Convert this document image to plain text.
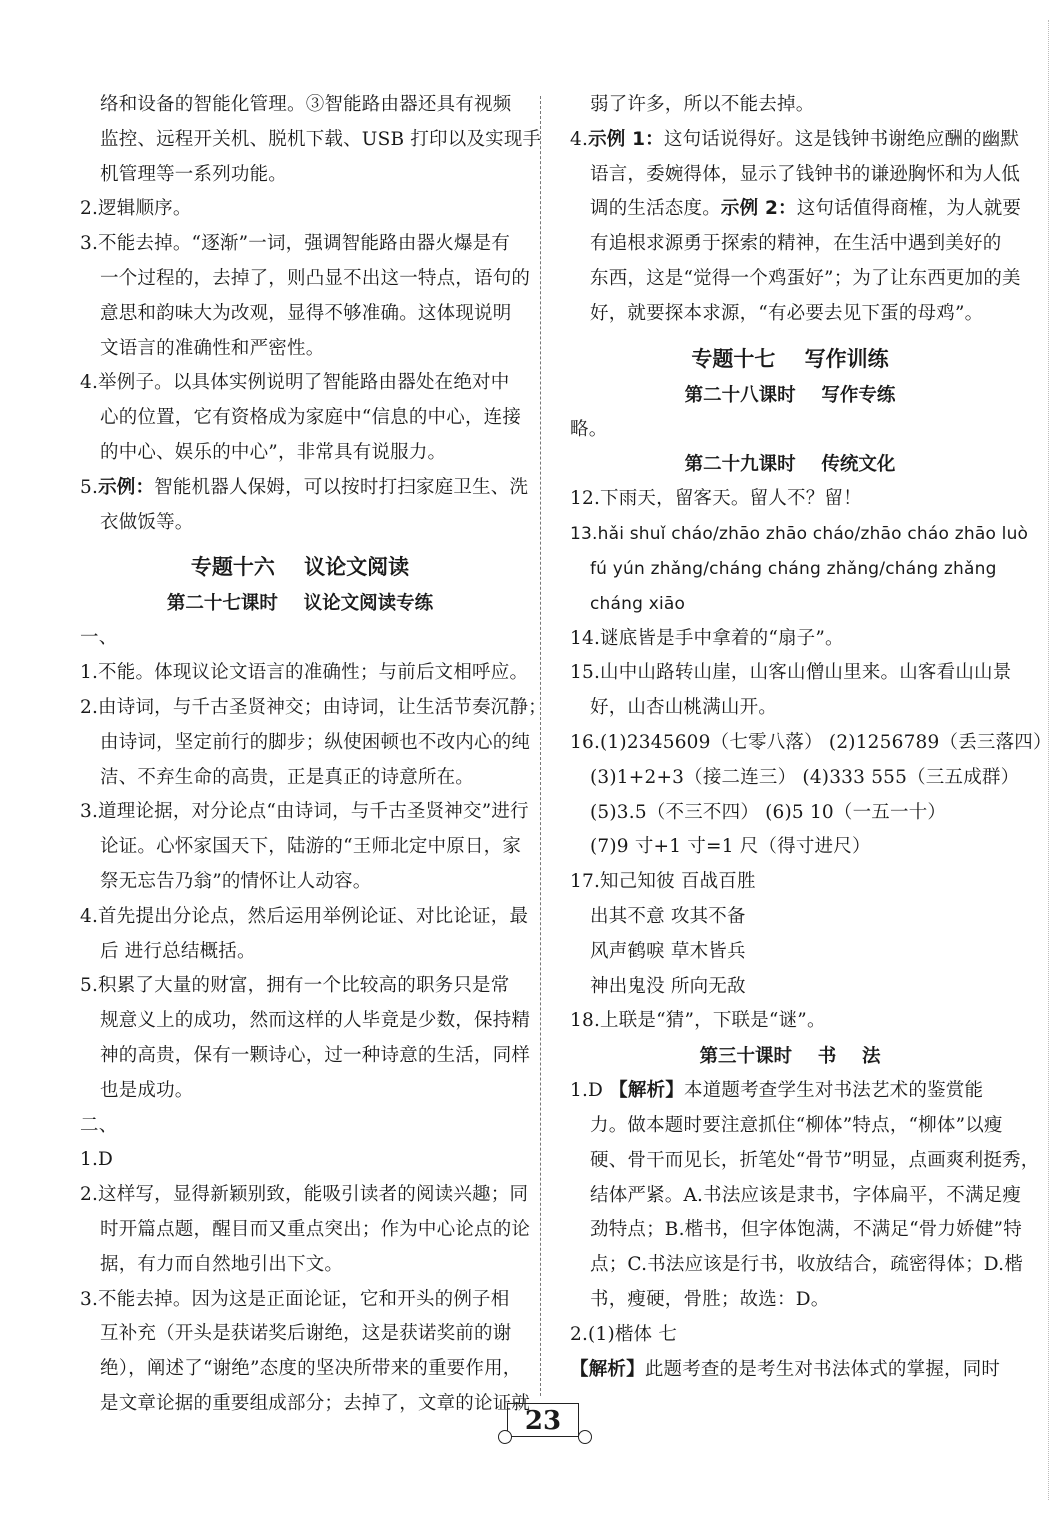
络和设备的智能化管理。③智能路由器还具有视频
监控、远程开关机、脱机下载、USB 打印以及实现手
机管理等一系列功能。
2.逻辑顺序。
3.不能去掉。“逐渐”一词，强调智能路由器火爆是有
一个过程的，去掉了，则凸显不出这一特点，语句的
意思和韵味大为改观，显得不够准确。这体现说明
文语言的准确性和严密性。
4.举例子。以具体实例说明了智能路由器处在绝对中
心的位置，它有资格成为家庭中“信息的中心，连接
的中心、娱乐的中心”，非常具有说服力。
5.示例：智能机器人保姆，可以按时打扫家庭卫生、洗
衣做饭等。
专题十六    议论文阅读
第二十七课时    议论文阅读专练
一、
1.不能。体现议论文语言的准确性；与前后文相呼应。
2.由诗词，与千古圣贤神交；由诗词，让生活节奏沉静；
由诗词，坚定前行的脚步；纵使困顿也不改内心的纯
洁、不弃生命的高贵，正是真正的诗意所在。
3.道理论据，对分论点“由诗词，与千古圣贤神交”进行
论证。心怀家国天下，陆游的“王师北定中原日，家
祭无忘告乃翁”的情怀让人动容。
4.首先提出分论点，然后运用举例论证、对比论证，最
后 进行总结概括。
5.积累了大量的财富，拥有一个比较高的职务只是常
规意义上的成功，然而这样的人毕竟是少数，保持精
神的高贵，保有一颗诗心，过一种诗意的生活，同样
也是成功。
二、
1.D
2.这样写，显得新颖别致，能吸引读者的阅读兴趣；同
时开篇点题，醒目而又重点突出；作为中心论点的论
据，有力而自然地引出下文。
3.不能去掉。因为这是正面论证，它和开头的例子相
互补充（开头是获诺奖后谢绝，这是获诺奖前的谢
绝），阐述了“谢绝”态度的坚决所带来的重要作用，
是文章论据的重要组成部分；去掉了，文章的论证就
弱了许多，所以不能去掉。
4.示例 1：这句话说得好。这是钱钟书谢绝应酬的幽默
语言，委婉得体，显示了钱钟书的谦逊胸怀和为人低
调的生活态度。示例 2：这句话值得商榷，为人就要
有追根求源勇于探索的精神，在生活中遇到美好的
东西，这是“觉得一个鸡蛋好”；为了让东西更加的美
好，就要探本求源，“有必要去见下蛋的母鸡”。
专题十七    写作训练
第二十八课时    写作专练
略。
第二十九课时    传统文化
12.下雨天，留客天。留人不？留！
13.hǎi shuǐ cháo/zhāo zhāo cháo/zhāo cháo zhāo luò
fú yún zhǎng/cháng cháng zhǎng/cháng zhǎng
cháng xiāo
14.谜底皆是手中拿着的“扇子”。
15.山中山路转山崖，山客山僧山里来。山客看山山景
好，山杏山桃满山开。
16.(1)2345609（七零八落） (2)1256789（丢三落四）
(3)1+2+3（接二连三） (4)333 555（三五成群）
(5)3.5（不三不四） (6)5 10（一五一十）
(7)9 寸+1 寸=1 尺（得寸进尺）
17.知己知彼 百战百胜
出其不意 攻其不备
风声鹤唳 草木皆兵
神出鬼没 所向无敌
18.上联是“猜”，下联是“谜”。
第三十课时    书    法
1.D 【解析】本道题考查学生对书法艺术的鉴赏能
力。做本题时要注意抓住“柳体”特点，“柳体”以瘦
硬、骨干而见长，折笔处“骨节”明显，点画爽利挺秀，
结体严紧。A.书法应该是隶书，字体扁平，不满足瘦
劲特点；B.楷书，但字体饱满，不满足“骨力娇健”特
点；C.书法应该是行书，收放结合，疏密得体；D.楷
书，瘦硬，骨胜；故选：D。
2.(1)楷体 七
【解析】此题考查的是考生对书法体式的掌握，同时
23
